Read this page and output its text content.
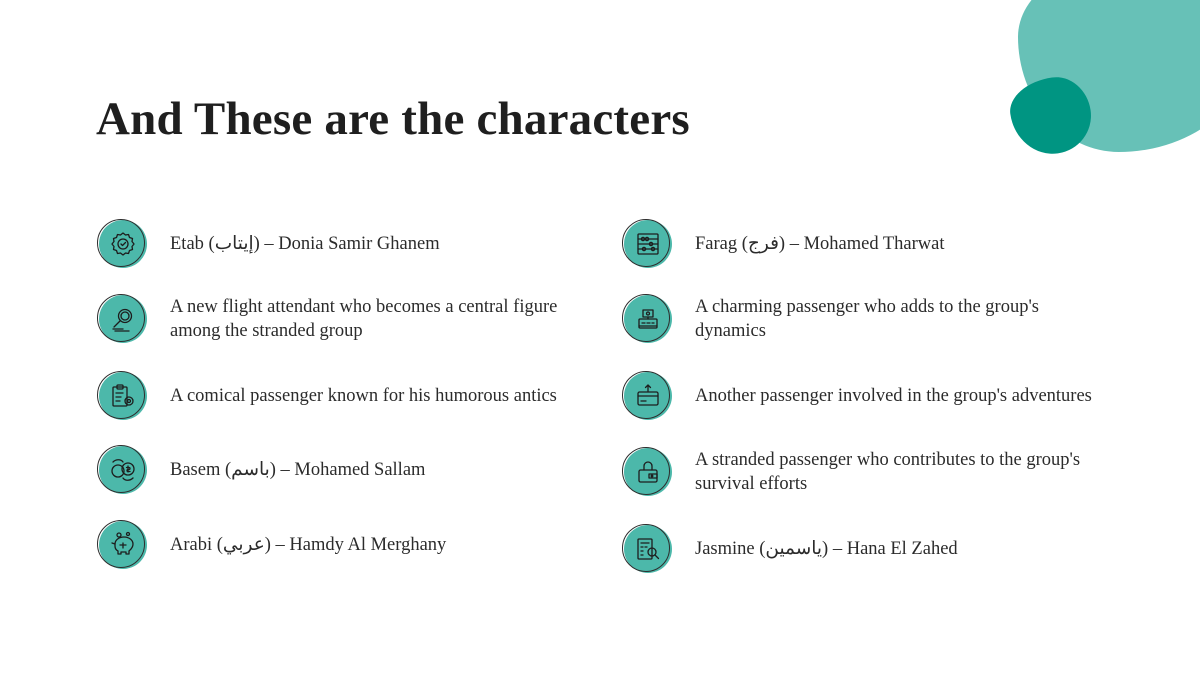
And These are the characters
Etab (إيتاب) – Donia Samir Ghanem
A new flight attendant who becomes a central figure among the stranded group
A comical passenger known for his humorous antics
Basem (باسم) – Mohamed Sallam
Arabi (عربي) – Hamdy Al Merghany
Farag (فرج) – Mohamed Tharwat
A charming passenger who adds to the group's dynamics
Another passenger involved in the group's adventures
A stranded passenger who contributes to the group's survival efforts
Jasmine (ياسمين) – Hana El Zahed
